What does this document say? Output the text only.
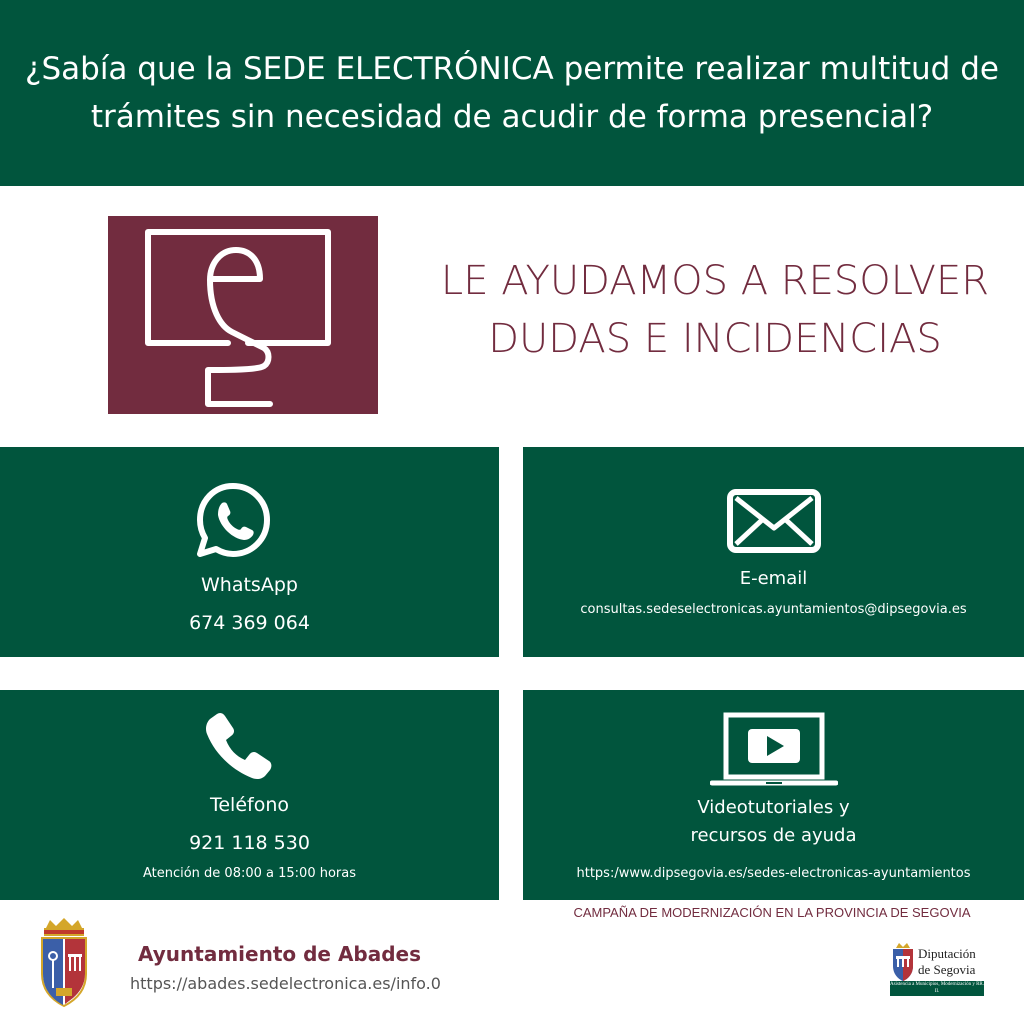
¿Sabía que la SEDE ELECTRÓNICA permite realizar multitud de
trámites sin necesidad de acudir de forma presencial?
LE AYUDAMOS A RESOLVER
DUDAS E INCIDENCIAS
WhatsApp
674 369 064
E-email
consultas.sedeselectronicas.ayuntamientos@dipsegovia.es
Teléfono
921 118 530
Atención de 08:00 a 15:00 horas
Videotutoriales y
recursos de ayuda
https:/www.dipsegovia.es/sedes-electronicas-ayuntamientos
CAMPAÑA DE MODERNIZACIÓN EN LA PROVINCIA DE SEGOVIA
Ayuntamiento de Abades
https://abades.sedelectronica.es/info.0
Diputación
de Segovia
Asistencia a Municipios, Modernización y RR. II.
